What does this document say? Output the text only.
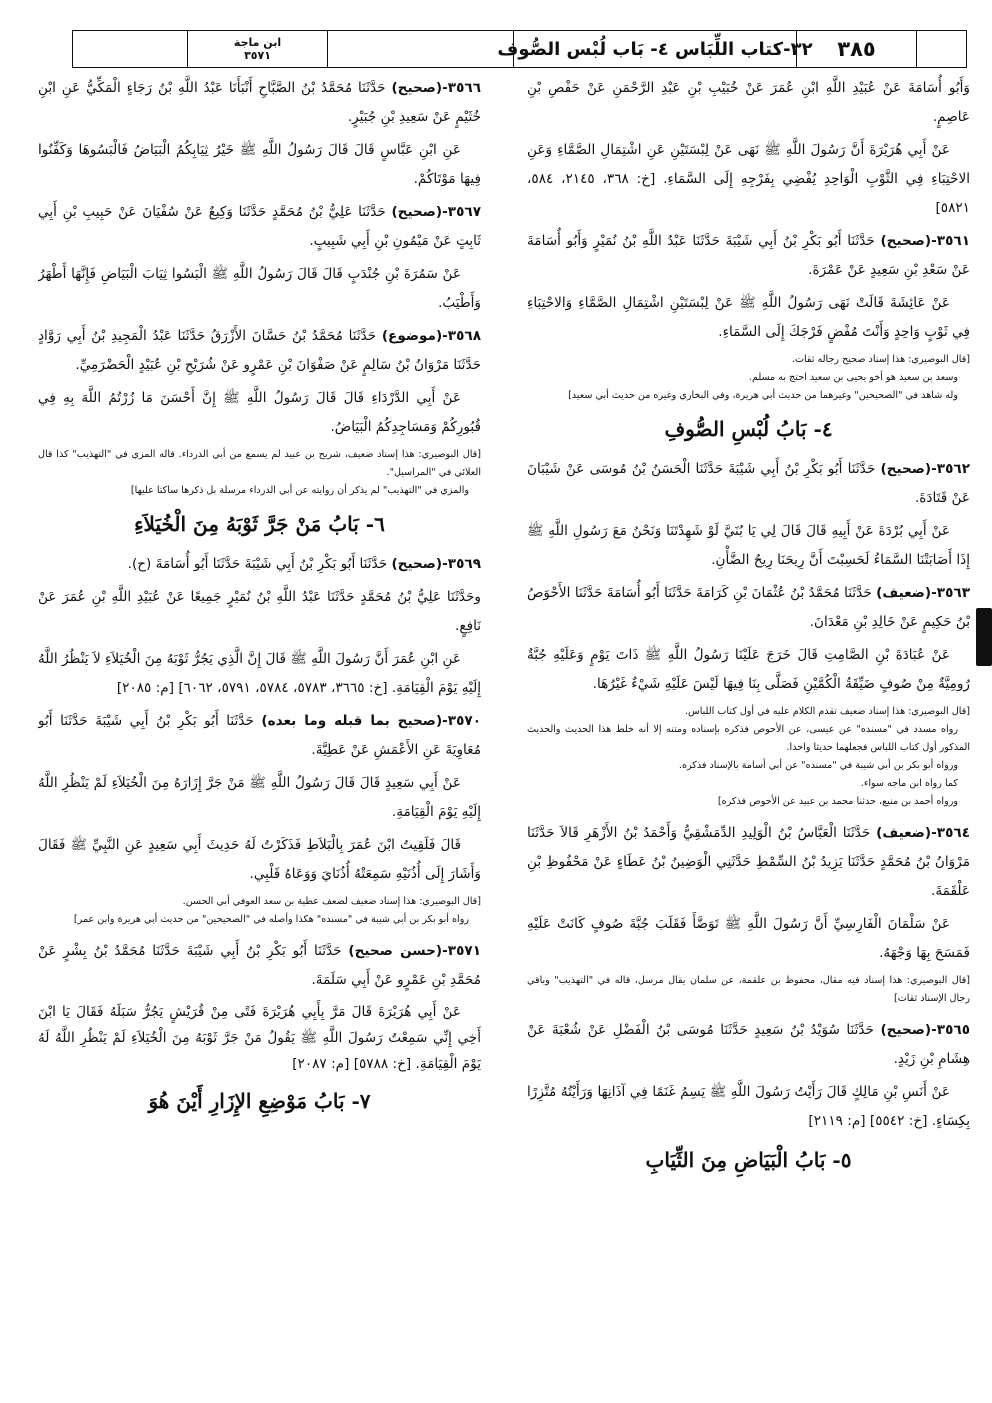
٣٨٥
٣٢-كتاب اللِّبَاس ٤- بَاب لُبْس الصُّوف
ابن ماجة
٣٥٧١

وَأَبُو أُسَامَةَ عَنْ عُبَيْدِ اللَّهِ ابْنِ عُمَرَ عَنْ خُبَيْبِ بْنِ عَبْدِ الرَّحْمَنِ عَنْ حَفْصِ بْنِ عَاصِمٍ.

عَنْ أَبِي هُرَيْرَةَ أَنَّ رَسُولَ اللَّهِ ﷺ نَهَى عَنْ لِبْسَتَيْنِ عَنِ اشْتِمَالِ الصَّمَّاءِ وَعَنِ الاحْتِبَاءِ فِي الثَّوْبِ الْوَاحِدِ يُفْضِي بِفَرْجِهِ إِلَى السَّمَاءِ. [خ: ٣٦٨، ٢١٤٥، ٥٨٤، ٥٨٢١]

٣٥٦١-(صحيح) حَدَّثَنَا أَبُو بَكْرِ بْنُ أَبِي شَيْبَةَ حَدَّثَنَا عَبْدُ اللَّهِ بْنُ نُمَيْرٍ وَأَبُو أُسَامَةَ عَنْ سَعْدِ بْنِ سَعِيدٍ عَنْ عَمْرَةَ.

عَنْ عَائِشَةَ قَالَتْ نَهَى رَسُولُ اللَّهِ ﷺ عَنْ لِبْسَتَيْنِ اشْتِمَالِ الصَّمَّاءِ وَالاحْتِبَاءِ فِي ثَوْبٍ وَاحِدٍ وَأَنْتَ مُفْضٍ فَرْجَكَ إِلَى السَّمَاءِ.

[قال البوصيري: هذا إسناد صحيح رجاله ثقات.

وسعد بن سعيد هو أخو يحيى بن سعيد احتج به مسلم.

وله شاهد في "الصحيحين" وغيرهما من حديث أبي هريرة، وفي البخاري وغيره من حديث أبي سعيد]

٤- بَابُ لُبْسِ الصُّوفِ

٣٥٦٢-(صحيح) حَدَّثَنَا أَبُو بَكْرِ بْنُ أَبِي شَيْبَةَ حَدَّثَنَا الْحَسَنُ بْنُ مُوسَى عَنْ شَيْبَانَ عَنْ قَتَادَةَ.

عَنْ أَبِي بُرْدَةَ عَنْ أَبِيهِ قَالَ قَالَ لِي يَا بُنَيَّ لَوْ شَهِدْتَنَا وَنَحْنُ مَعَ رَسُولِ اللَّهِ ﷺ إِذَا أَصَابَتْنَا السَّمَاءُ لَحَسِبْتَ أَنَّ رِيحَنَا رِيحُ الضَّأْنِ.

٣٥٦٣-(ضعيف) حَدَّثَنَا مُحَمَّدُ بْنُ عُثْمَانَ بْنِ كَرَامَةَ حَدَّثَنَا أَبُو أُسَامَةَ حَدَّثَنَا الأَحْوَصُ بْنُ حَكِيمٍ عَنْ خَالِدِ بْنِ مَعْدَانَ.

عَنْ عُبَادَةَ بْنِ الصَّامِتِ قَالَ خَرَجَ عَلَيْنَا رَسُولُ اللَّهِ ﷺ ذَاتَ يَوْمٍ وَعَلَيْهِ جُبَّةٌ رُومِيَّةٌ مِنْ صُوفٍ ضَيِّقَةُ الْكُمَّيْنِ فَصَلَّى بِنَا فِيهَا لَيْسَ عَلَيْهِ شَيْءٌ غَيْرُهَا.

[قال البوصيري: هذا إسناد ضعيف تقدم الكلام عليه في أول كتاب اللباس.

رواه مسدد في "مسنده" عن عيسى، عن الأحوص فذكره بإسناده ومتنه إلا أنه خلط هذا الحديث والحديث المذكور أول كتاب اللباس فجعلهما حديثا واحدا.

ورواه أبو بكر بن أبي شيبة في "مسنده" عن أبي أسامة بالإسناد فذكره.

كما رواه ابن ماجه سواء.

ورواه أحمد بن منيع، حدثنا محمد بن عبيد عن الأحوص فذكره]

٣٥٦٤-(ضعيف) حَدَّثَنَا الْعَبَّاسُ بْنُ الْوَلِيدِ الدِّمَشْقِيُّ وَأَحْمَدُ بْنُ الأَزْهَرِ قَالاَ حَدَّثَنَا مَرْوَانُ بْنُ مُحَمَّدٍ حَدَّثَنَا يَزِيدُ بْنُ السِّمْطِ حَدَّثَنِي الْوَضِينُ بْنُ عَطَاءٍ عَنْ مَحْفُوظِ بْنِ عَلْقَمَةَ.

عَنْ سَلْمَانَ الْفَارِسِيِّ أَنَّ رَسُولَ اللَّهِ ﷺ تَوَضَّأَ فَقَلَبَ جُبَّةَ صُوفٍ كَانَتْ عَلَيْهِ فَمَسَحَ بِهَا وَجْهَهُ.

[قال البوصيري: هذا إسناد فيه مقال، محفوظ بن علقمة، عن سلمان يقال مرسل، قاله في "التهذيب" وباقي رجال الإسناد ثقات]

٣٥٦٥-(صحيح) حَدَّثَنَا سُوَيْدُ بْنُ سَعِيدٍ حَدَّثَنَا مُوسَى بْنُ الْفَضْلِ عَنْ شُعْبَةَ عَنْ هِشَامِ بْنِ زَيْدٍ.

عَنْ أَنَسِ بْنِ مَالِكٍ قَالَ رَأَيْتُ رَسُولَ اللَّهِ ﷺ يَسِمُ غَنَمًا فِي آذَانِهَا وَرَأَيْتُهُ مُتَّزِرًا بِكِسَاءٍ. [خ: ٥٥٤٢] [م: ٢١١٩]

٥- بَابُ الْبَيَاضِ مِنَ الثِّيَابِ

٣٥٦٦-(صحيح) حَدَّثَنَا مُحَمَّدُ بْنُ الصَّبَّاحِ أَنْبَأَنَا عَبْدُ اللَّهِ بْنُ رَجَاءٍ الْمَكِّيُّ عَنِ ابْنِ خُثَيْمٍ عَنْ سَعِيدِ بْنِ جُبَيْرٍ.

عَنِ ابْنِ عَبَّاسٍ قَالَ قَالَ رَسُولُ اللَّهِ ﷺ خَيْرُ ثِيَابِكُمُ الْبَيَاضُ فَالْبَسُوهَا وَكَفِّنُوا فِيهَا مَوْتَاكُمْ.

٣٥٦٧-(صحيح) حَدَّثَنَا عَلِيُّ بْنُ مُحَمَّدٍ حَدَّثَنَا وَكِيعٌ عَنْ سُفْيَانَ عَنْ حَبِيبِ بْنِ أَبِي ثَابِتٍ عَنْ مَيْمُونِ بْنِ أَبِي شَبِيبٍ.

عَنْ سَمُرَةَ بْنِ جُنْدَبٍ قَالَ قَالَ رَسُولُ اللَّهِ ﷺ الْبَسُوا ثِيَابَ الْبَيَاضِ فَإِنَّهَا أَطْهَرُ وَأَطْيَبُ.

٣٥٦٨-(موضوع) حَدَّثَنَا مُحَمَّدُ بْنُ حَسَّانَ الأَزْرَقُ حَدَّثَنَا عَبْدُ الْمَجِيدِ بْنُ أَبِي رَوَّادٍ حَدَّثَنَا مَرْوَانُ بْنُ سَالِمٍ عَنْ صَفْوَانَ بْنِ عَمْرٍو عَنْ شُرَيْحِ بْنِ عُبَيْدٍ الْحَضْرَمِيِّ.

عَنْ أَبِي الدَّرْدَاءِ قَالَ قَالَ رَسُولُ اللَّهِ ﷺ إِنَّ أَحْسَنَ مَا زُرْتُمُ اللَّهَ بِهِ فِي قُبُورِكُمْ وَمَسَاجِدِكُمُ الْبَيَاضُ.

[قال البوصيري: هذا إسناد ضعيف، شريح بن عبيد لم يسمع من أبي الدرداء. قاله المزي في "التهذيب" كذا قال العلائي في "المراسيل".

والمزي في "التهذيب" لم يذكر أن روايته عن أبي الدرداء مرسلة بل ذكرها ساكتا عليها]

٦- بَابُ مَنْ جَرَّ ثَوْبَهُ مِنَ الْخُيَلاَءِ

٣٥٦٩-(صحيح) حَدَّثَنَا أَبُو بَكْرِ بْنُ أَبِي شَيْبَةَ حَدَّثَنَا أَبُو أُسَامَةَ (ح).

وحَدَّثَنَا عَلِيُّ بْنُ مُحَمَّدٍ حَدَّثَنَا عَبْدُ اللَّهِ بْنُ نُمَيْرٍ جَمِيعًا عَنْ عُبَيْدِ اللَّهِ بْنِ عُمَرَ عَنْ نَافِعٍ.

عَنِ ابْنِ عُمَرَ أَنَّ رَسُولَ اللَّهِ ﷺ قَالَ إِنَّ الَّذِي يَجُرُّ ثَوْبَهُ مِنَ الْخُيَلاَءِ لاَ يَنْظُرُ اللَّهُ إِلَيْهِ يَوْمَ الْقِيَامَةِ. [خ: ٣٦٦٥، ٥٧٨٣، ٥٧٨٤، ٥٧٩١، ٦٠٦٢] [م: ٢٠٨٥]

٣٥٧٠-(صحيح بما قبله وما بعده) حَدَّثَنَا أَبُو بَكْرِ بْنُ أَبِي شَيْبَةَ حَدَّثَنَا أَبُو مُعَاوِيَةَ عَنِ الأَعْمَشِ عَنْ عَطِيَّةَ.

عَنْ أَبِي سَعِيدٍ قَالَ قَالَ رَسُولُ اللَّهِ ﷺ مَنْ جَرَّ إِزَارَهُ مِنَ الْخُيَلاَءِ لَمْ يَنْظُرِ اللَّهُ إِلَيْهِ يَوْمَ الْقِيَامَةِ.

قَالَ فَلَقِيتُ ابْنَ عُمَرَ بِالْبَلاَطِ فَذَكَرْتُ لَهُ حَدِيثَ أَبِي سَعِيدٍ عَنِ النَّبِيِّ ﷺ فَقَالَ وَأَشَارَ إِلَى أُذُنَيْهِ سَمِعَتْهُ أُذُنَايَ وَوَعَاهُ قَلْبِي.

[قال البوصيري: هذا إسناد ضعيف لضعف عطية بن سعد العوفي أبي الحسن.

رواه أبو بكر بن أبي شيبة في "مسنده" هكذا وأصله في "الصحيحين" من حديث أبي هريرة وابن عمر]

٣٥٧١-(حسن صحيح) حَدَّثَنَا أَبُو بَكْرِ بْنُ أَبِي شَيْبَةَ حَدَّثَنَا مُحَمَّدُ بْنُ بِشْرٍ عَنْ مُحَمَّدِ بْنِ عَمْرٍو عَنْ أَبِي سَلَمَةَ.

عَنْ أَبِي هُرَيْرَةَ قَالَ مَرَّ بِأَبِي هُرَيْرَةَ فَتًى مِنْ قُرَيْشٍ يَجُرُّ سَبَلَهُ فَقَالَ يَا ابْنَ أَخِي إِنِّي سَمِعْتُ رَسُولَ اللَّهِ ﷺ يَقُولُ مَنْ جَرَّ ثَوْبَهُ مِنَ الْخُيَلاَءِ لَمْ يَنْظُرِ اللَّهُ لَهُ يَوْمَ الْقِيَامَةِ. [خ: ٥٧٨٨] [م: ٢٠٨٧]

٧- بَابُ مَوْضِعِ الإِزَارِ أَيْنَ هُوَ
